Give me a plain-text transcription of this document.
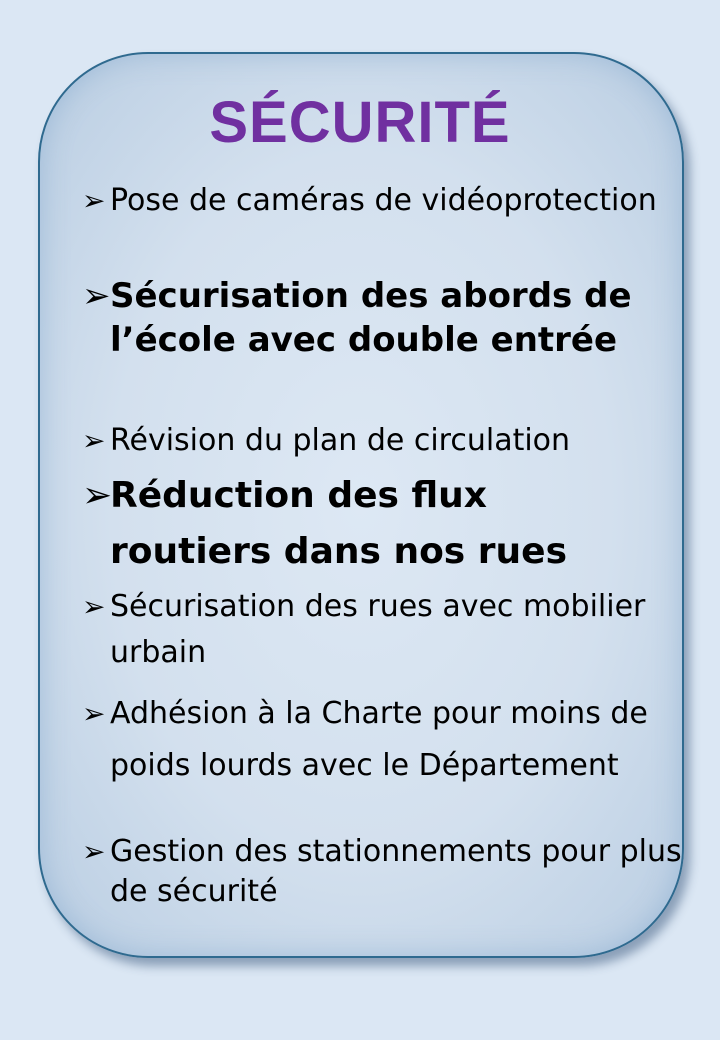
SÉCURITÉ
➢ Pose de caméras de vidéoprotection
➢ Sécurisation des abords de l’école avec double entrée
➢ Révision du plan de circulation
➢
Réduction des flux routiers dans nos rues
➢ Sécurisation des rues avec mobilier urbain
➢ Adhésion à la Charte pour moins de poids lourds avec le Département
➢ Gestion des stationnements pour plus de sécurité
